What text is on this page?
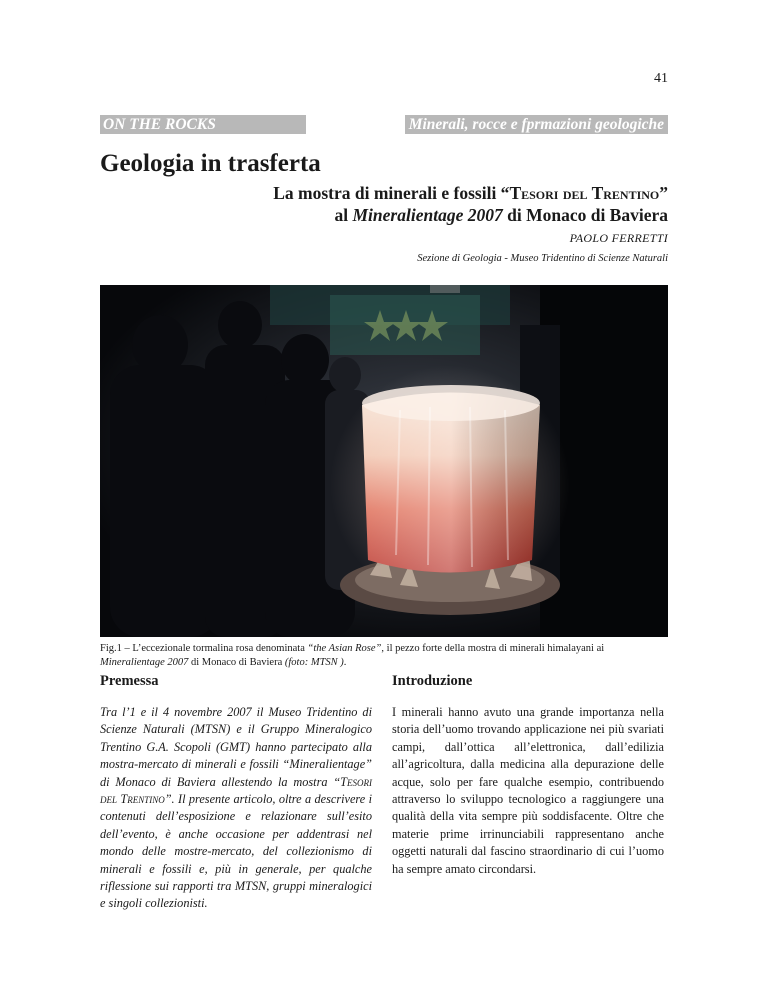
41
ON THE ROCKS	Minerali, rocce e fprmazioni geologiche
Geologia in trasferta
La mostra di minerali e fossili “Tesori del Trentino”
al Mineralientage 2007 di Monaco di Baviera
PAOLO FERRETTI
Sezione di Geologia - Museo Tridentino di Scienze Naturali
Fig.1 – L’eccezionale tormalina rosa denominata “the Asian Rose”, il pezzo forte della mostra di minerali himalayani ai Mineralientage 2007 di Monaco di Baviera (foto: MTSN ).
Premessa

Tra l’1 e il 4 novembre 2007 il Museo Tridentino di Scienze Naturali (MTSN) e il Gruppo Mineralogico Trentino G.A. Scopoli (GMT) hanno partecipato alla mostra-mercato di minerali e fossili “Mineralientage” di Monaco di Baviera allestendo la mostra “Tesori del Trentino”. Il presente articolo, oltre a descrivere i contenuti dell’esposizione e relazionare sull’esito dell’evento, è anche occasione per addentrasi nel mondo delle mostre-mercato, del collezionismo di minerali e fossili e, più in generale, per qualche riflessione sui rapporti tra MTSN, gruppi mineralogici e singoli collezionisti.

Introduzione

I minerali hanno avuto una grande importanza nella storia dell’uomo trovando applicazione nei più svariati campi, dall’ottica all’elettronica, dall’edilizia all’agricoltura, dalla medicina alla depurazione delle acque, solo per fare qualche esempio, contribuendo attraverso lo sviluppo tecnologico a raggiungere una qualità della vita sempre più soddisfacente. Oltre che materie prime irrinunciabili rappresentano anche oggetti naturali dal fascino straordinario di cui l’uomo ha sempre amato circondarsi.
